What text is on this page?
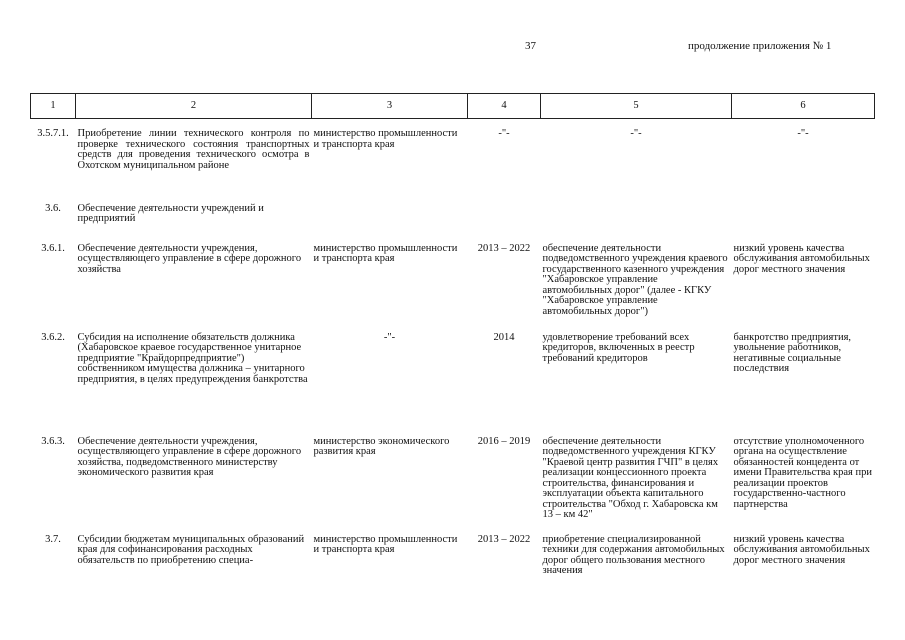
37	продолжение приложения № 1
1	2	3	4	5	6
3.5.7.1.	Приобретение линии технического контроля по проверке технического состояния транспортных средств для проведения технического осмотра в Охотском муниципальном районе	министерство промышленности и транспорта края	-"-	-"-	-"-
3.6.	Обеспечение деятельности учреждений и предприятий				
3.6.1.	Обеспечение деятельности учреждения, осуществляющего управление в сфере дорожного хозяйства	министерство промышленности и транспорта края	2013 – 2022	обеспечение деятельности подведомственного учреждения краевого государственного казенного учреждения "Хабаровское управление автомобильных дорог" (далее - КГКУ "Хабаровское управление автомобильных дорог")	низкий уровень качества обслуживания автомобильных дорог местного значения
3.6.2.	Субсидия на исполнение обязательств должника (Хабаровское краевое государственное унитарное предприятие "Крайдорпредприятие") собственником имущества должника – унитарного предприятия, в целях предупреждения банкротства	-"-	2014	удовлетворение требований всех кредиторов, включенных в реестр требований кредиторов	банкротство предприятия, увольнение работников, негативные социальные последствия
3.6.3.	Обеспечение деятельности учреждения, осуществляющего управление в сфере дорожного хозяйства, подведомственного министерству экономического развития края	министерство экономического развития края	2016 – 2019	обеспечение деятельности подведомственного учреждения КГКУ "Краевой центр развития ГЧП" в целях реализации концессионного проекта строительства, финансирования и эксплуатации объекта капитального строительства "Обход г. Хабаровска км 13 – км 42"	отсутствие уполномоченного органа на осуществление обязанностей концедента от имени Правительства края при реализации проектов государственно-частного партнерства
3.7.	Субсидии бюджетам муниципальных образований края для софинансирования расходных обязательств по приобретению специа-	министерство промышленности и транспорта края	2013 – 2022	приобретение специализированной техники для содержания автомобильных дорог общего пользования местного значения	низкий уровень качества обслуживания автомобильных дорог местного значения
